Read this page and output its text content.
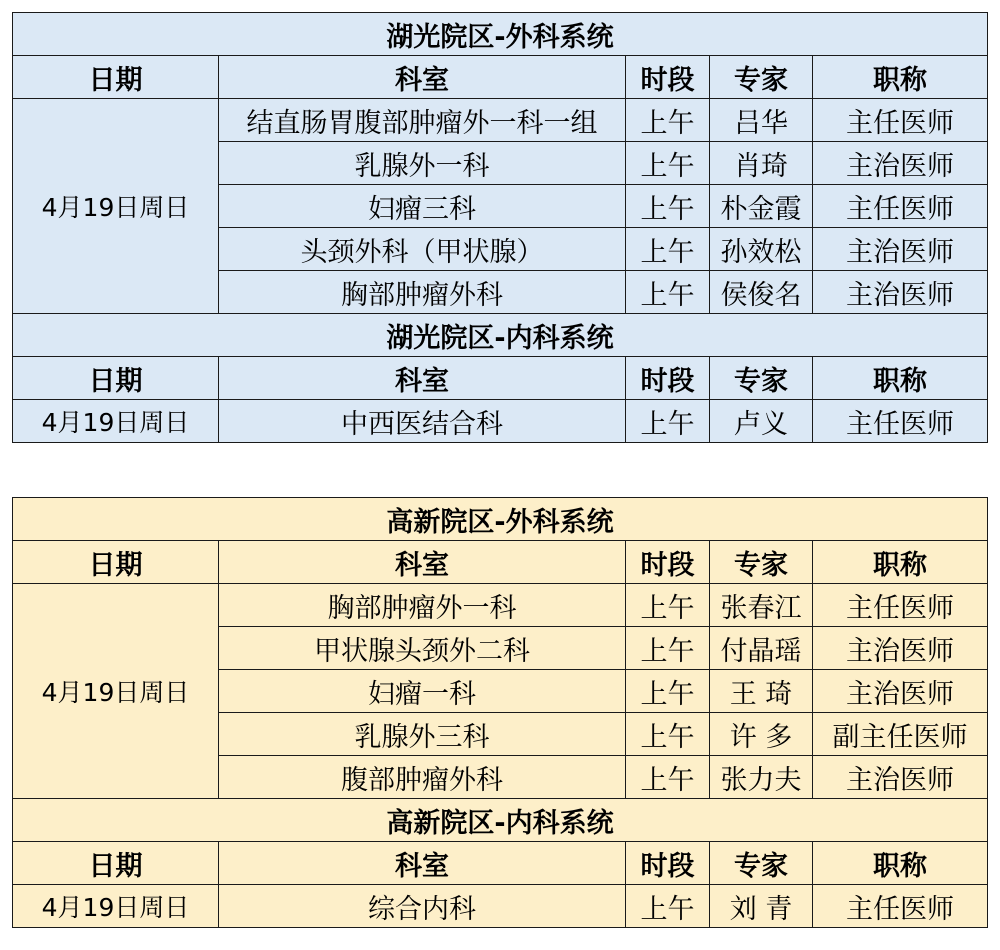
湖光院区-外科系统				
日期	科室	时段	专家	职称
4月19日周日	结直肠胃腹部肿瘤外一科一组	上午	吕华	主任医师
	乳腺外一科	上午	肖琦	主治医师
	妇瘤三科	上午	朴金霞	主任医师
	头颈外科（甲状腺）	上午	孙效松	主治医师
	胸部肿瘤外科	上午	侯俊名	主治医师
湖光院区-内科系统				
日期	科室	时段	专家	职称
4月19日周日	中西医结合科	上午	卢义	主任医师
高新院区-外科系统				
日期	科室	时段	专家	职称
4月19日周日	胸部肿瘤外一科	上午	张春江	主任医师
	甲状腺头颈外二科	上午	付晶瑶	主治医师
	妇瘤一科	上午	王 琦	主治医师
	乳腺外三科	上午	许 多	副主任医师
	腹部肿瘤外科	上午	张力夫	主治医师
高新院区-内科系统				
日期	科室	时段	专家	职称
4月19日周日	综合内科	上午	刘 青	主任医师
